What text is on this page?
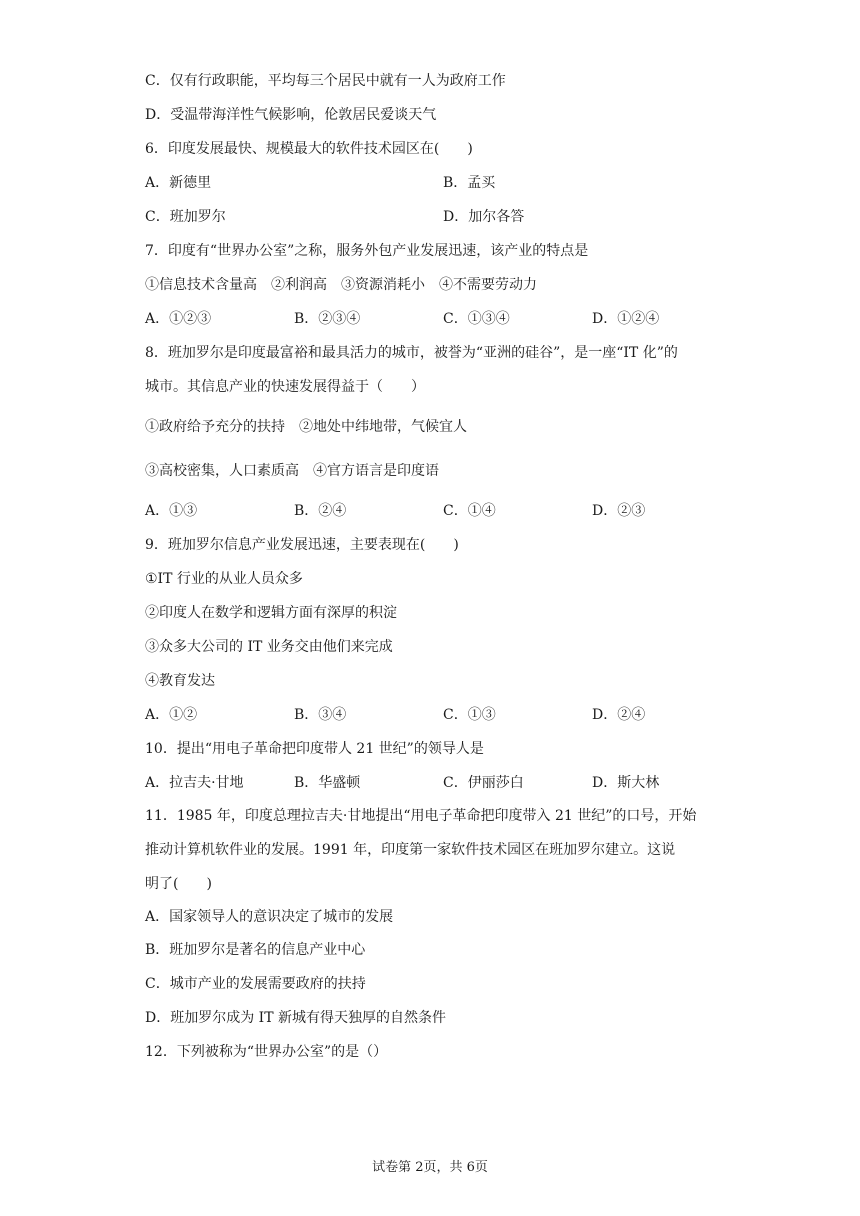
C．仅有行政职能，平均每三个居民中就有一人为政府工作
D．受温带海洋性气候影响，伦敦居民爱谈天气
6．印度发展最快、规模最大的软件技术园区在(　　)
A．新德里	B．孟买
C．班加罗尔	D．加尔各答
7．印度有“世界办公室”之称，服务外包产业发展迅速，该产业的特点是
①信息技术含量高　②利润高　③资源消耗小　④不需要劳动力
A．①②③	B．②③④	C．①③④	D．①②④
8．班加罗尔是印度最富裕和最具活力的城市，被誉为“亚洲的硅谷”，是一座“IT 化”的
城市。其信息产业的快速发展得益于（　　）
①政府给予充分的扶持　②地处中纬地带，气候宜人
③高校密集，人口素质高　④官方语言是印度语
A．①③	B．②④	C．①④	D．②③
9．班加罗尔信息产业发展迅速，主要表现在(　　)
①IT 行业的从业人员众多
②印度人在数学和逻辑方面有深厚的积淀
③众多大公司的 IT 业务交由他们来完成
④教育发达
A．①②	B．③④	C．①③	D．②④
10．提出“用电子革命把印度带人 21 世纪”的领导人是
A．拉吉夫·甘地	B．华盛顿	C．伊丽莎白	D．斯大林
11．1985 年，印度总理拉吉夫·甘地提出“用电子革命把印度带入 21 世纪”的口号，开始
推动计算机软件业的发展。1991 年，印度第一家软件技术园区在班加罗尔建立。这说
明了(　　)
A．国家领导人的意识决定了城市的发展
B．班加罗尔是著名的信息产业中心
C．城市产业的发展需要政府的扶持
D．班加罗尔成为 IT 新城有得天独厚的自然条件
12．下列被称为“世界办公室”的是（）
试卷第 2页，共 6页
